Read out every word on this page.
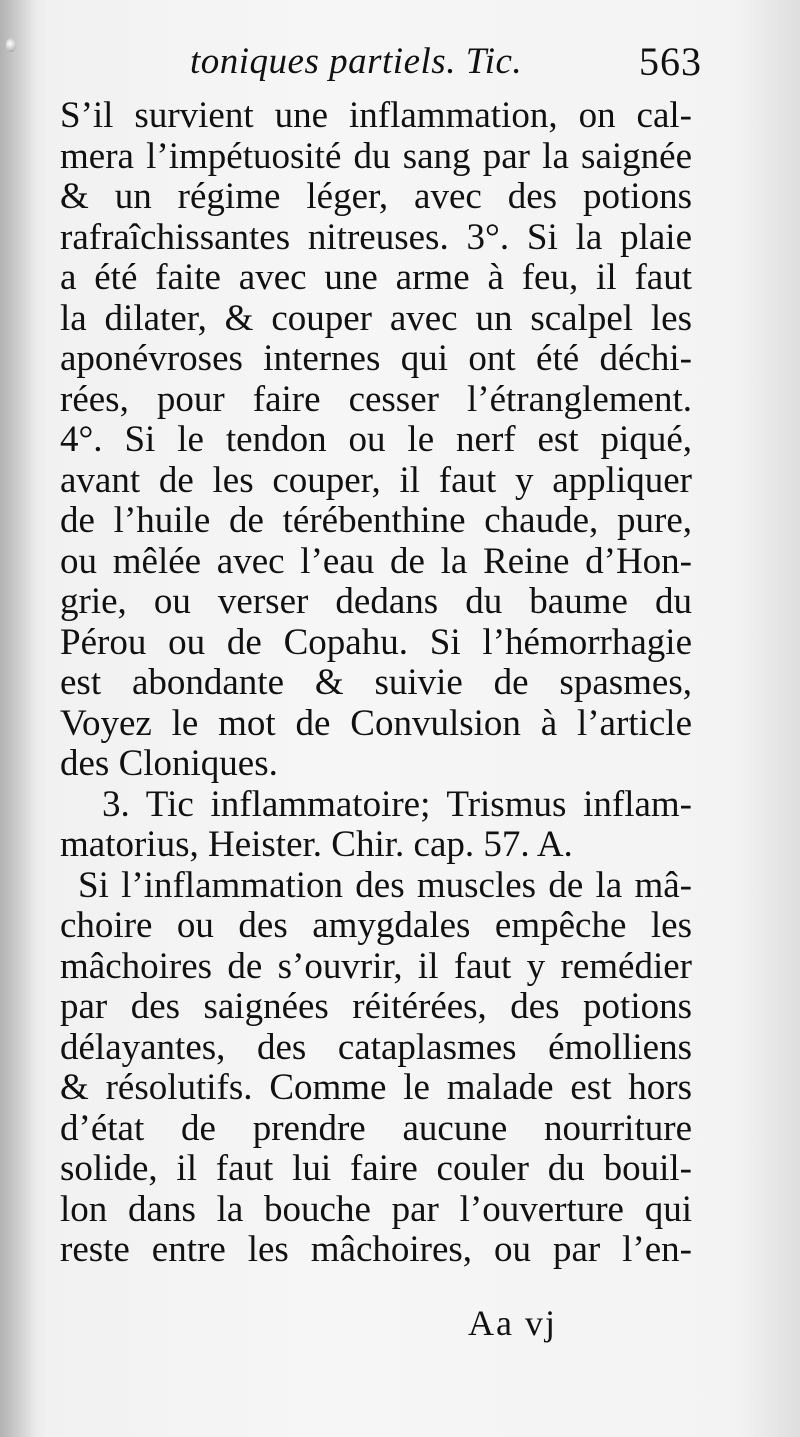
toniques partiels. Tic.	563
S’il survient une inflammation, on cal-
mera l’impétuosité du sang par la saignée
& un régime léger, avec des potions
rafraîchissantes nitreuses. 3°. Si la plaie
a été faite avec une arme à feu, il faut
la dilater, & couper avec un scalpel les
aponévroses internes qui ont été déchi-
rées, pour faire cesser l’étranglement.
4°. Si le tendon ou le nerf est piqué,
avant de les couper, il faut y appliquer
de l’huile de térébenthine chaude, pure,
ou mêlée avec l’eau de la Reine d’Hon-
grie, ou verser dedans du baume du
Pérou ou de Copahu. Si l’hémorrhagie
est abondante & suivie de spasmes,
Voyez le mot de Convulsion à l’article
des Cloniques.
3. Tic inflammatoire; Trismus inflam-
matorius, Heister. Chir. cap. 57. A.
Si l’inflammation des muscles de la mâ-
choire ou des amygdales empêche les
mâchoires de s’ouvrir, il faut y remédier
par des saignées réitérées, des potions
délayantes, des cataplasmes émolliens
& résolutifs. Comme le malade est hors
d’état de prendre aucune nourriture
solide, il faut lui faire couler du bouil-
lon dans la bouche par l’ouverture qui
reste entre les mâchoires, ou par l’en-
Aa vj
